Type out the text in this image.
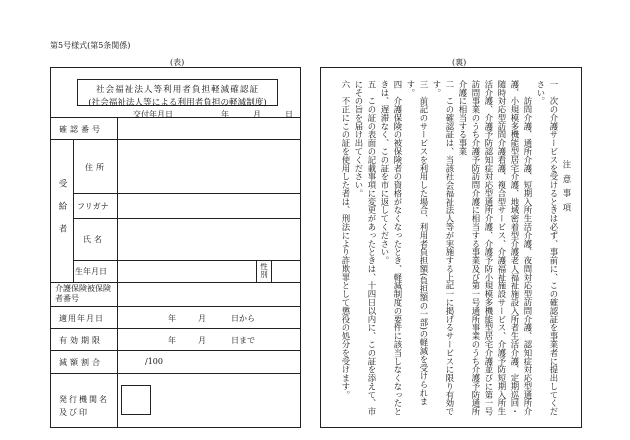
第5号様式(第5条関係)
(表)	(裏)
社会福祉法人等利用者負担軽減確認証
(社会福祉法人等による利用者負担の軽減制度)
交付年月日	年	月	日
確認番号
受給者
住所
フリガナ
氏名
生年月日
性別
介護保険被保険者番号
適用年月日	年	月	日から
有効期限	年	月	日まで
減額割合	/100
発行機関名及び印

注意事項

一　次の介護サービスを受けるときは必ず、事前に、この確認証を事業者に提出してください。

　　訪問介護、通所介護、短期入所生活介護、夜間対応型訪問介護、認知症対応型通所介護、小規模多機能型居宅介護、地域密着型介護老人福祉施設入所者生活介護、定期巡回・随時対応型訪問介護看護、複合型サービス、介護福祉施設サービス、介護予防短期入所生活介護、介護予防認知症対応型通所介護、介護予防小規模多機能型居宅介護並びに第一号訪問事業のうち介護予防訪問介護に相当する事業及び第一号通所事業のうち介護予防通所介護に相当する事業

二　この確認証は、当該社会福祉法人等が実施する上記一に掲げるサービスに限り有効です。

三　前記のサービスを利用した場合、利用者負担額(負担額の一部)の軽減を受けられます。

四　介護保険の被保険者の資格がなくなったとき、軽減制度の要件に該当しなくなったときは、遅滞なく、この証を市に返してください。

五　この証の表面の記載事項に変更があったときは、十四日以内に、この証を添えて、市にその旨を届け出てください。

六　不正にこの証を使用した者は、刑法により詐欺罪として懲役の処分を受けます。
